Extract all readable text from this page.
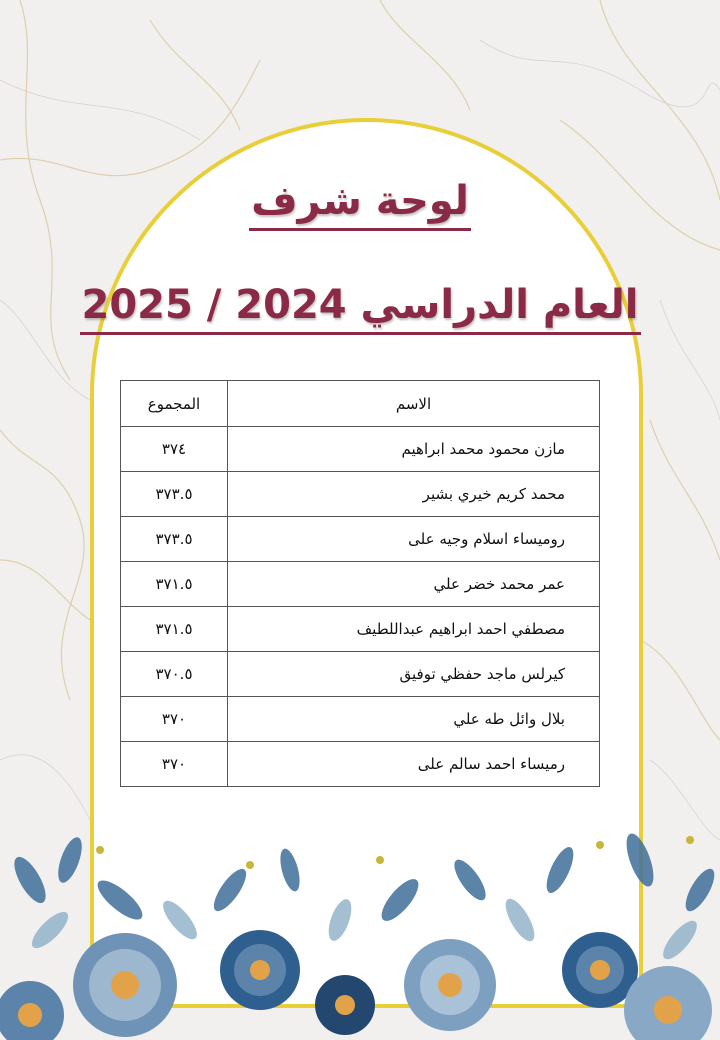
لوحة شرف
العام الدراسي 2024 / 2025
الاسم	المجموع
مازن محمود محمد ابراهيم	٣٧٤
محمد كريم خيري بشير	٣٧٣.٥
روميساء اسلام وجيه على	٣٧٣.٥
عمر محمد خضر علي	٣٧١.٥
مصطفي احمد ابراهيم عبداللطيف	٣٧١.٥
كيرلس ماجد حفظي توفيق	٣٧٠.٥
بلال وائل طه علي	٣٧٠
رميساء احمد سالم على	٣٧٠
